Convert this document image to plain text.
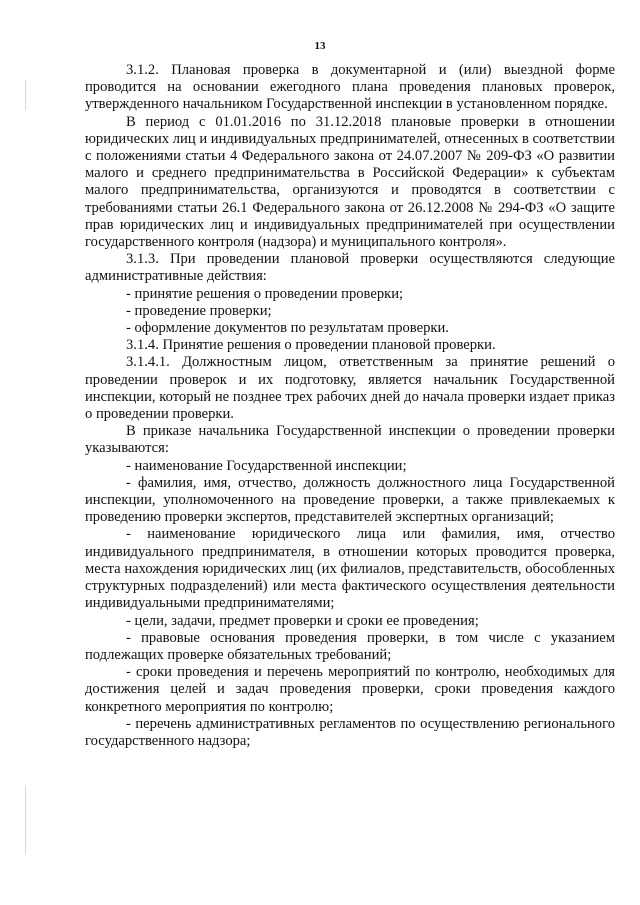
13

3.1.2. Плановая проверка в документарной и (или) выездной форме проводится на основании ежегодного плана проведения плановых проверок, утвержденного начальником Государственной инспекции в установленном порядке.

В период с 01.01.2016 по 31.12.2018 плановые проверки в отношении юридических лиц и индивидуальных предпринимателей, отнесенных в соответствии с положениями статьи 4 Федерального закона от 24.07.2007 № 209-ФЗ «О развитии малого и среднего предпринимательства в Российской Федерации» к субъектам малого предпринимательства, организуются и проводятся в соответствии с требованиями статьи 26.1 Федерального закона от 26.12.2008 № 294-ФЗ «О защите прав юридических лиц и индивидуальных предпринимателей при осуществлении государственного контроля (надзора) и муниципального контроля».

3.1.3. При проведении плановой проверки осуществляются следующие административные действия:

- принятие решения о проведении проверки;

- проведение проверки;

- оформление документов по результатам проверки.

3.1.4. Принятие решения о проведении плановой проверки.

3.1.4.1. Должностным лицом, ответственным за принятие решений о проведении проверок и их подготовку, является начальник Государственной инспекции, который не позднее трех рабочих дней до начала проверки издает приказ о проведении проверки.

В приказе начальника Государственной инспекции о проведении проверки указываются:

- наименование Государственной инспекции;

- фамилия, имя, отчество, должность должностного лица Государственной инспекции, уполномоченного на проведение проверки, а также привлекаемых к проведению проверки экспертов, представителей экспертных организаций;

- наименование юридического лица или фамилия, имя, отчество индивидуального предпринимателя, в отношении которых проводится проверка, места нахождения юридических лиц (их филиалов, представительств, обособленных структурных подразделений) или места фактического осуществления деятельности индивидуальными предпринимателями;

- цели, задачи, предмет проверки и сроки ее проведения;

- правовые основания проведения проверки, в том числе с указанием подлежащих проверке обязательных требований;

- сроки проведения и перечень мероприятий по контролю, необходимых для достижения целей и задач проведения проверки, сроки проведения каждого конкретного мероприятия по контролю;

- перечень административных регламентов по осуществлению регионального государственного надзора;
